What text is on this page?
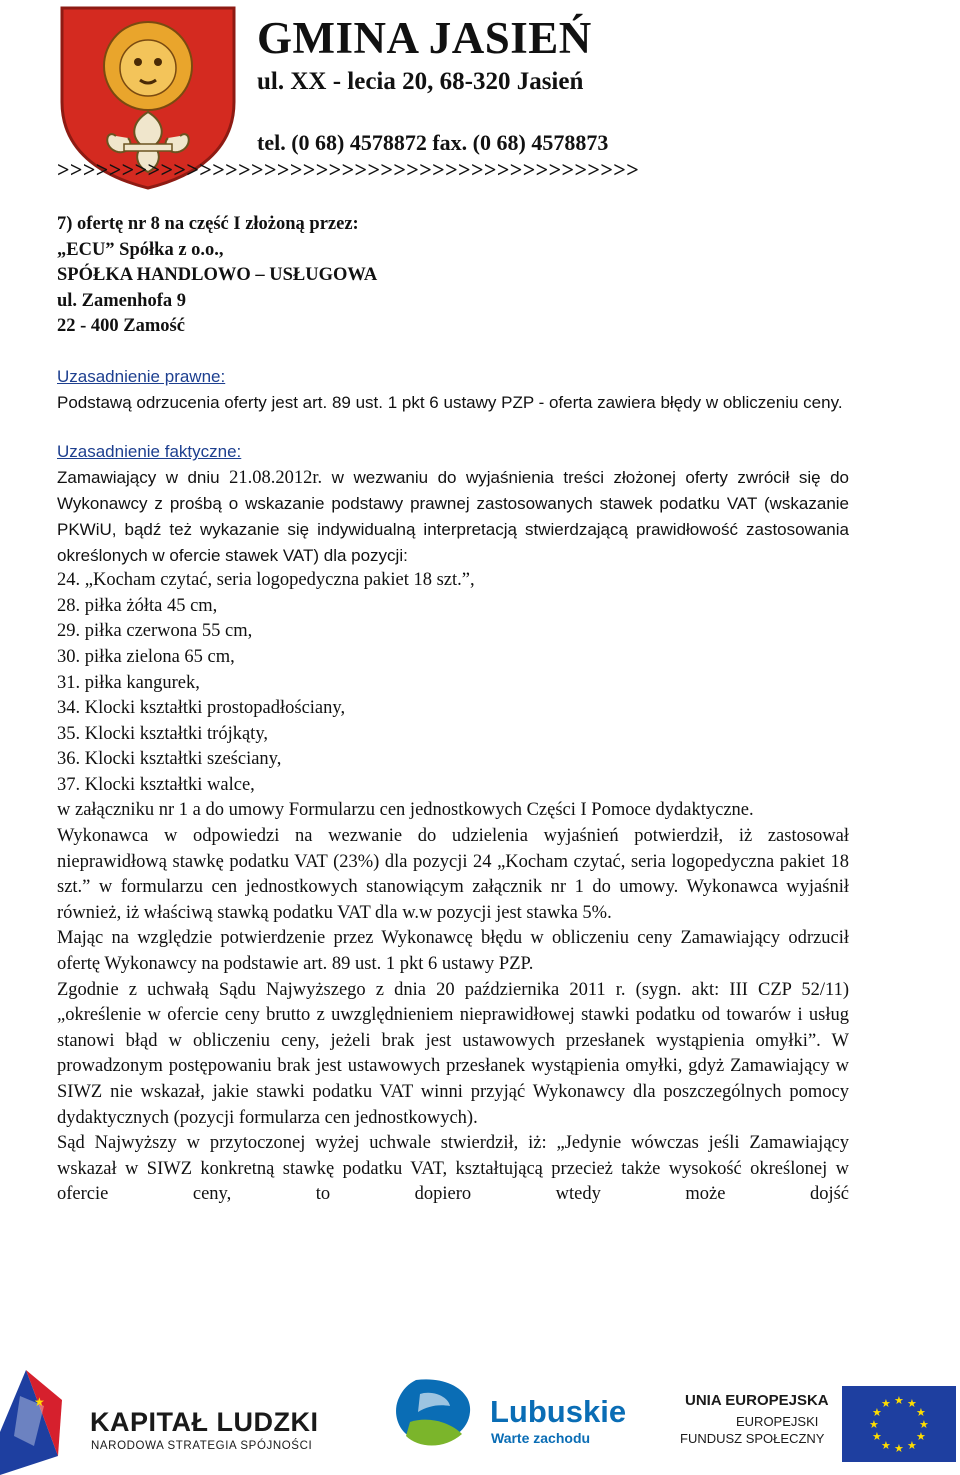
GMINA JASIEŃ
ul. XX - lecia 20, 68-320 Jasień
tel. (0 68) 4578872 fax. (0 68) 4578873
>>>>>>>>>>>>>>>>>>>>>>>>>>>>>>>>>>>>>>>>>>>>>

7) ofertę nr 8 na część I złożoną przez:

„ECU” Spółka z o.o.,

SPÓŁKA HANDLOWO – USŁUGOWA

ul. Zamenhofa 9

22 - 400 Zamość

Uzasadnienie prawne:

Podstawą odrzucenia oferty jest art. 89 ust. 1 pkt 6 ustawy PZP - oferta zawiera błędy w obliczeniu ceny.

Uzasadnienie faktyczne:

Zamawiający w dniu 21.08.2012r. w wezwaniu do wyjaśnienia treści złożonej oferty zwrócił się do Wykonawcy z prośbą o wskazanie podstawy prawnej zastosowanych stawek podatku VAT (wskazanie PKWiU, bądź też wykazanie się indywidualną interpretacją stwierdzającą prawidłowość zastosowania określonych w ofercie stawek VAT) dla pozycji:

24. „Kocham czytać, seria logopedyczna pakiet 18 szt.”,

28. piłka żółta 45 cm,

29. piłka czerwona 55 cm,

30. piłka zielona 65 cm,

31. piłka kangurek,

34. Klocki kształtki prostopadłościany,

35. Klocki kształtki trójkąty,

36. Klocki kształtki sześciany,

37. Klocki kształtki walce,

w załączniku nr 1 a do umowy Formularzu cen jednostkowych Części I Pomoce dydaktyczne.

Wykonawca w odpowiedzi na wezwanie do udzielenia wyjaśnień potwierdził, iż zastosował nieprawidłową stawkę podatku VAT (23%) dla pozycji 24 „Kocham czytać, seria logopedyczna pakiet 18 szt.” w formularzu cen jednostkowych stanowiącym załącznik nr 1 do umowy. Wykonawca wyjaśnił również, iż właściwą stawką podatku VAT dla w.w pozycji jest stawka 5%.

Mając na względzie potwierdzenie przez Wykonawcę błędu w obliczeniu ceny Zamawiający odrzucił ofertę Wykonawcy na podstawie art. 89 ust. 1 pkt 6 ustawy PZP.

Zgodnie z uchwałą Sądu Najwyższego z dnia 20 października 2011 r. (sygn. akt: III CZP 52/11) „określenie w ofercie ceny brutto z uwzględnieniem nieprawidłowej stawki podatku od towarów i usług stanowi błąd w obliczeniu ceny, jeżeli brak jest ustawowych przesłanek wystąpienia omyłki”. W prowadzonym postępowaniu brak jest ustawowych przesłanek wystąpienia omyłki, gdyż Zamawiający w SIWZ nie wskazał, jakie stawki podatku VAT winni przyjąć Wykonawcy dla poszczególnych pomocy dydaktycznych (pozycji formularza cen jednostkowych).

Sąd Najwyższy w przytoczonej wyżej uchwale stwierdził, iż: „Jedynie wówczas jeśli Zamawiający wskazał w SIWZ konkretną stawkę podatku VAT, kształtującą przecież także wysokość określonej w ofercie ceny, to dopiero wtedy może dojść

★	★ ★
★
★
★
★
★
★
★
★
★
★
KAPITAŁ LUDZKI
NARODOWA STRATEGIA SPÓJNOŚCI
Lubuskie
Warte zachodu
UNIA EUROPEJSKA
EUROPEJSKI
FUNDUSZ SPOŁECZNY
